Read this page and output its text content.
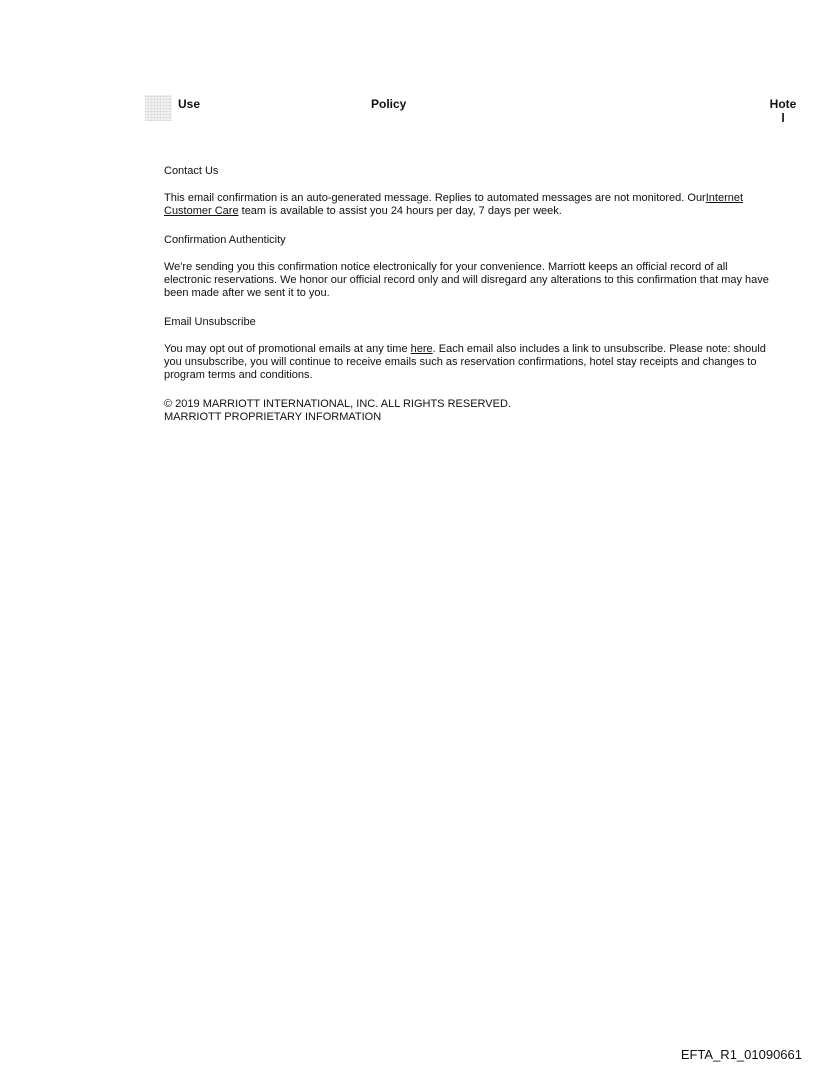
Use	Policy	Hote
l

Contact Us

This email confirmation is an auto-generated message. Replies to automated messages are not monitored. OurInternet Customer Care team is available to assist you 24 hours per day, 7 days per week.

Confirmation Authenticity

We're sending you this confirmation notice electronically for your convenience. Marriott keeps an official record of all electronic reservations. We honor our official record only and will disregard any alterations to this confirmation that may have been made after we sent it to you.

Email Unsubscribe

You may opt out of promotional emails at any time here. Each email also includes a link to unsubscribe. Please note: should you unsubscribe, you will continue to receive emails such as reservation confirmations, hotel stay receipts and changes to program terms and conditions.

© 2019 MARRIOTT INTERNATIONAL, INC. ALL RIGHTS RESERVED.
MARRIOTT PROPRIETARY INFORMATION

EFTA_R1_01090661
